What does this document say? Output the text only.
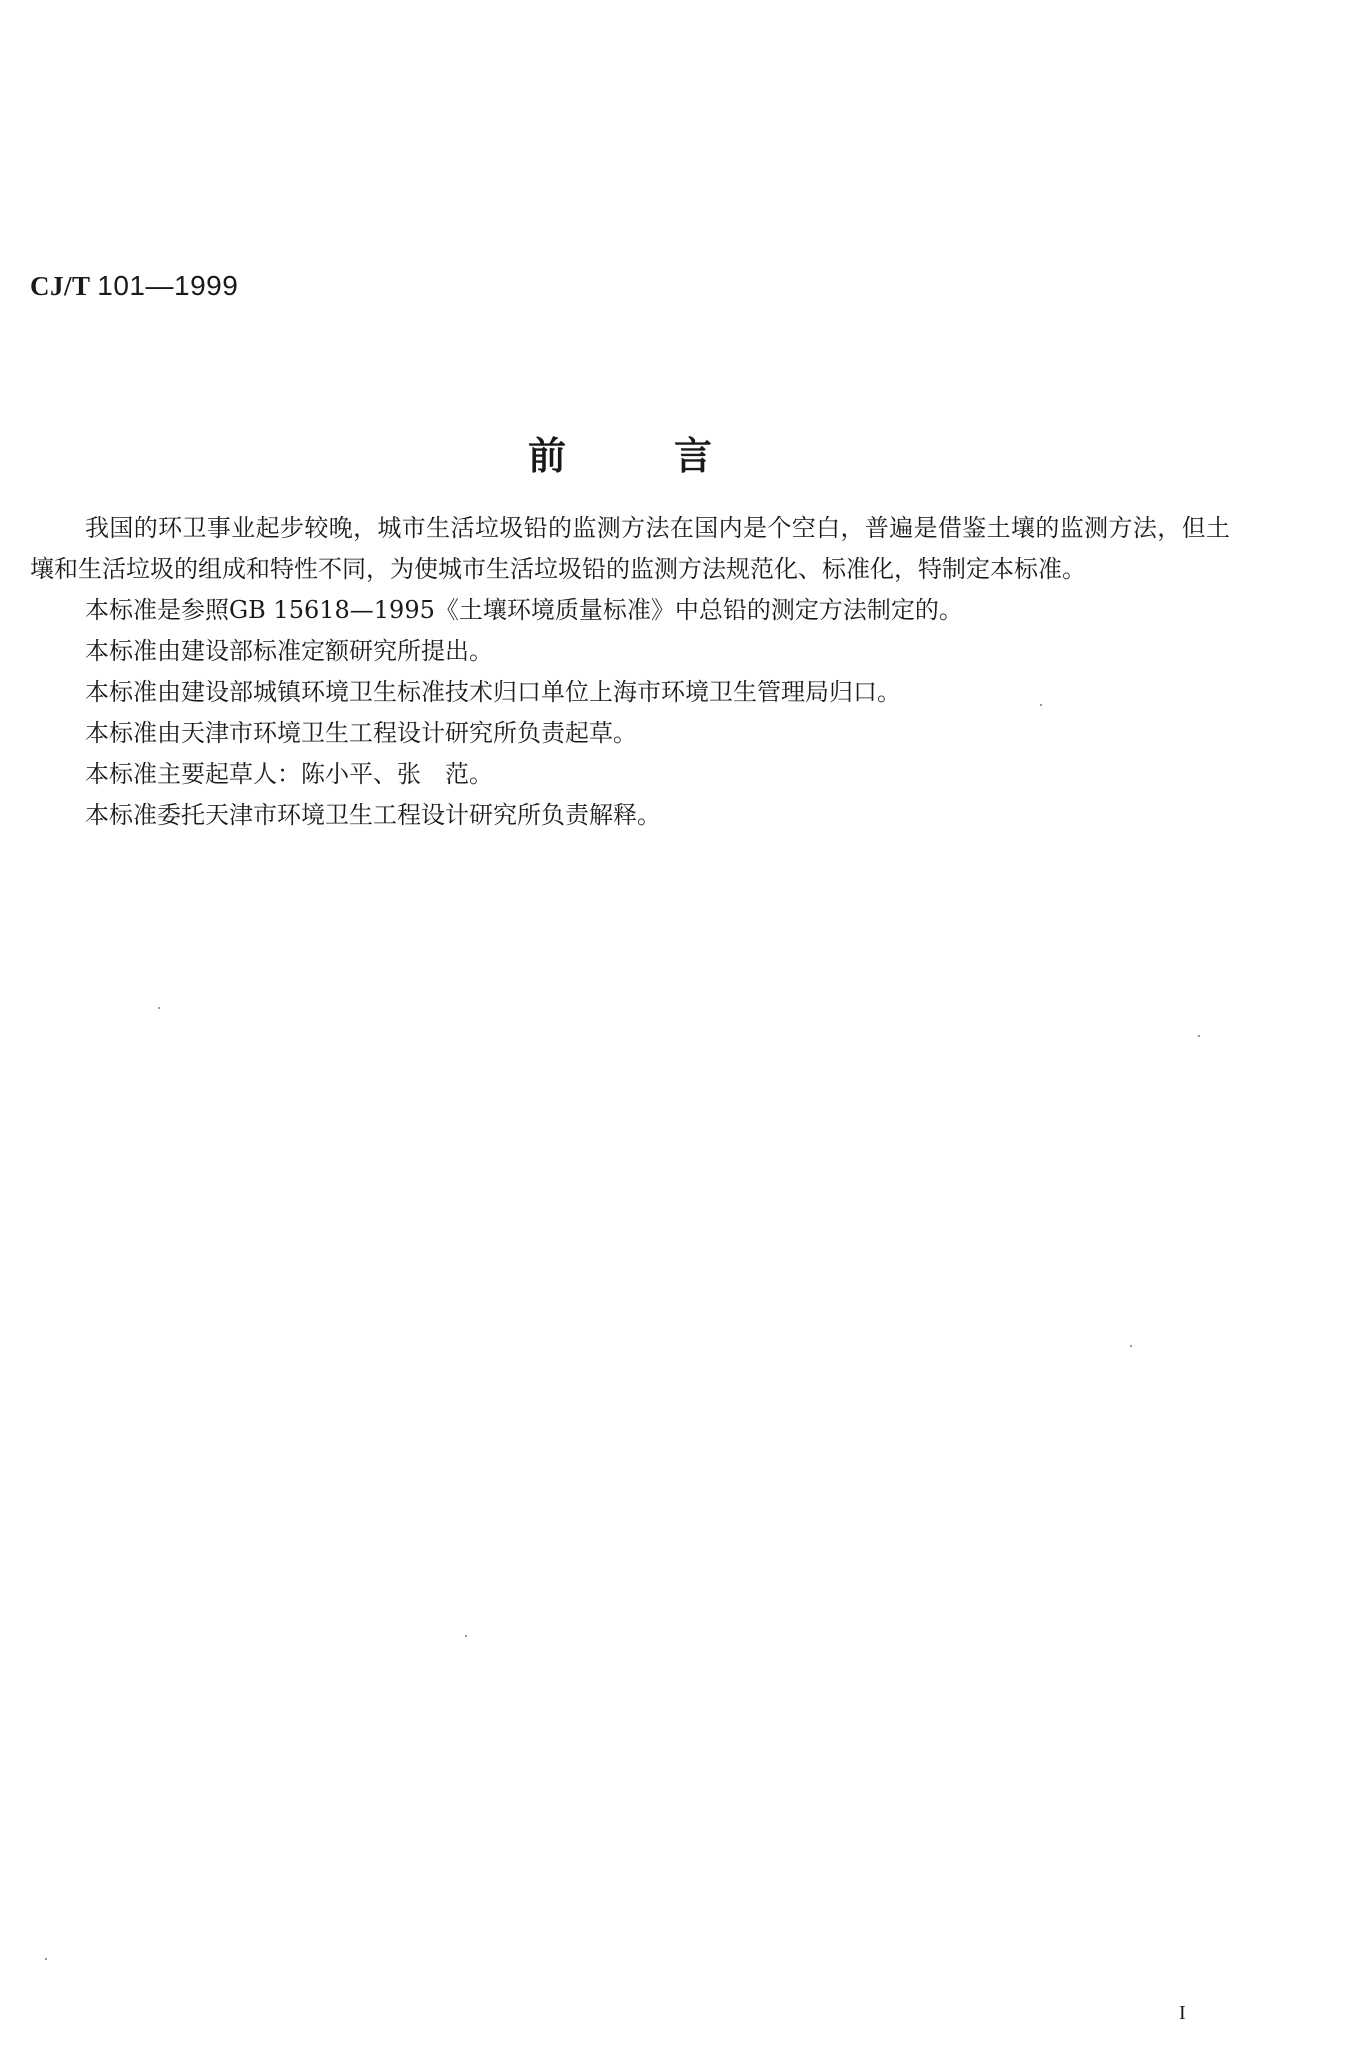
CJ/T 101—1999
前言

我国的环卫事业起步较晚，城市生活垃圾铅的监测方法在国内是个空白，普遍是借鉴土壤的监测方法，但土壤和生活垃圾的组成和特性不同，为使城市生活垃圾铅的监测方法规范化、标准化，特制定本标准。

本标准是参照GB 15618—1995《土壤环境质量标准》中总铅的测定方法制定的。

本标准由建设部标准定额研究所提出。

本标准由建设部城镇环境卫生标准技术归口单位上海市环境卫生管理局归口。

本标准由天津市环境卫生工程设计研究所负责起草。

本标准主要起草人：陈小平、张　范。

本标准委托天津市环境卫生工程设计研究所负责解释。

I
